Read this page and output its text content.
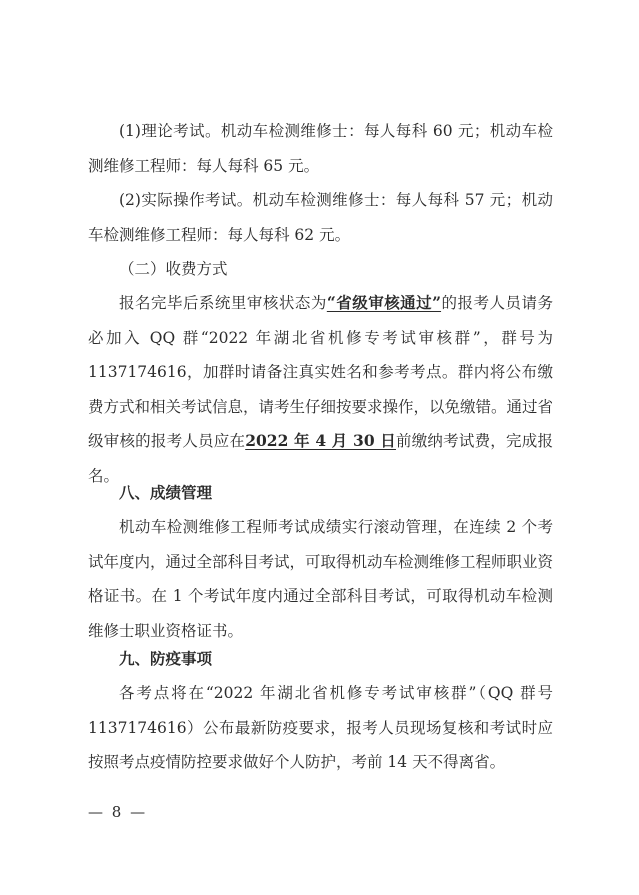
(1)理论考试。机动车检测维修士：每人每科 60 元；机动车检测维修工程师：每人每科 65 元。

(2)实际操作考试。机动车检测维修士：每人每科 57 元；机动车检测维修工程师：每人每科 62 元。

（二）收费方式

报名完毕后系统里审核状态为“省级审核通过”的报考人员请务必加入 QQ 群“2022 年湖北省机修专考试审核群”，群号为 1137174616，加群时请备注真实姓名和参考考点。群内将公布缴费方式和相关考试信息，请考生仔细按要求操作，以免缴错。通过省级审核的报考人员应在2022 年 4 月 30 日前缴纳考试费，完成报名。

八、成绩管理

机动车检测维修工程师考试成绩实行滚动管理，在连续 2 个考试年度内，通过全部科目考试，可取得机动车检测维修工程师职业资格证书。在 1 个考试年度内通过全部科目考试，可取得机动车检测维修士职业资格证书。

九、防疫事项

各考点将在“2022 年湖北省机修专考试审核群”（QQ 群号 1137174616）公布最新防疫要求，报考人员现场复核和考试时应按照考点疫情防控要求做好个人防护，考前 14 天不得离省。

— 8 —
